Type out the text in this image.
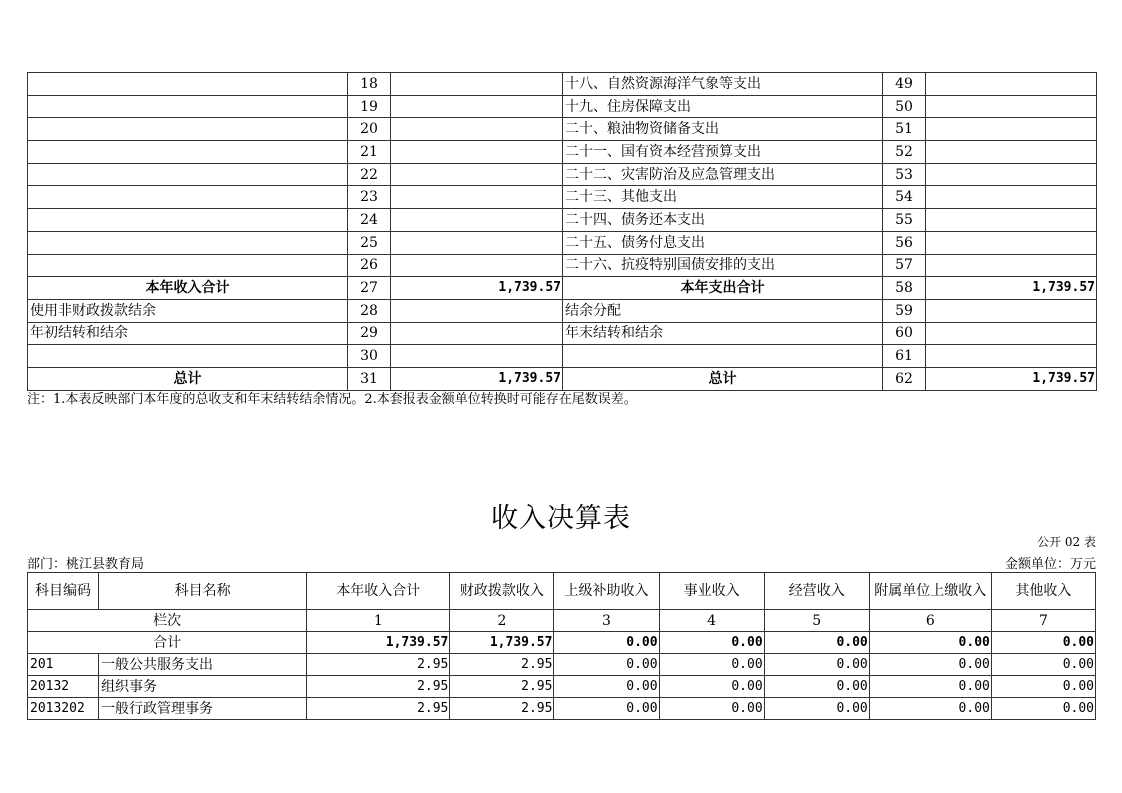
	18		十八、自然资源海洋气象等支出	49	
	19		十九、住房保障支出	50	
	20		二十、粮油物资储备支出	51	
	21		二十一、国有资本经营预算支出	52	
	22		二十二、灾害防治及应急管理支出	53	
	23		二十三、其他支出	54	
	24		二十四、债务还本支出	55	
	25		二十五、债务付息支出	56	
	26		二十六、抗疫特别国债安排的支出	57	
本年收入合计	27	1,739.57	本年支出合计	58	1,739.57
使用非财政拨款结余	28		结余分配	59	
年初结转和结余	29		年末结转和结余	60	
	30			61	
总计	31	1,739.57	总计	62	1,739.57
注：1.本表反映部门本年度的总收支和年末结转结余情况。2.本套报表金额单位转换时可能存在尾数误差。
收入决算表
公开 02 表
部门：桃江县教育局	金额单位：万元
科目编码	科目名称	本年收入合计	财政拨款收入	上级补助收入	事业收入	经营收入	附属单位上缴收入	其他收入
栏次		1	2	3	4	5	6	7
合计		1,739.57	1,739.57	0.00	0.00	0.00	0.00	0.00
201	一般公共服务支出	2.95	2.95	0.00	0.00	0.00	0.00	0.00
20132	组织事务	2.95	2.95	0.00	0.00	0.00	0.00	0.00
2013202	一般行政管理事务	2.95	2.95	0.00	0.00	0.00	0.00	0.00
